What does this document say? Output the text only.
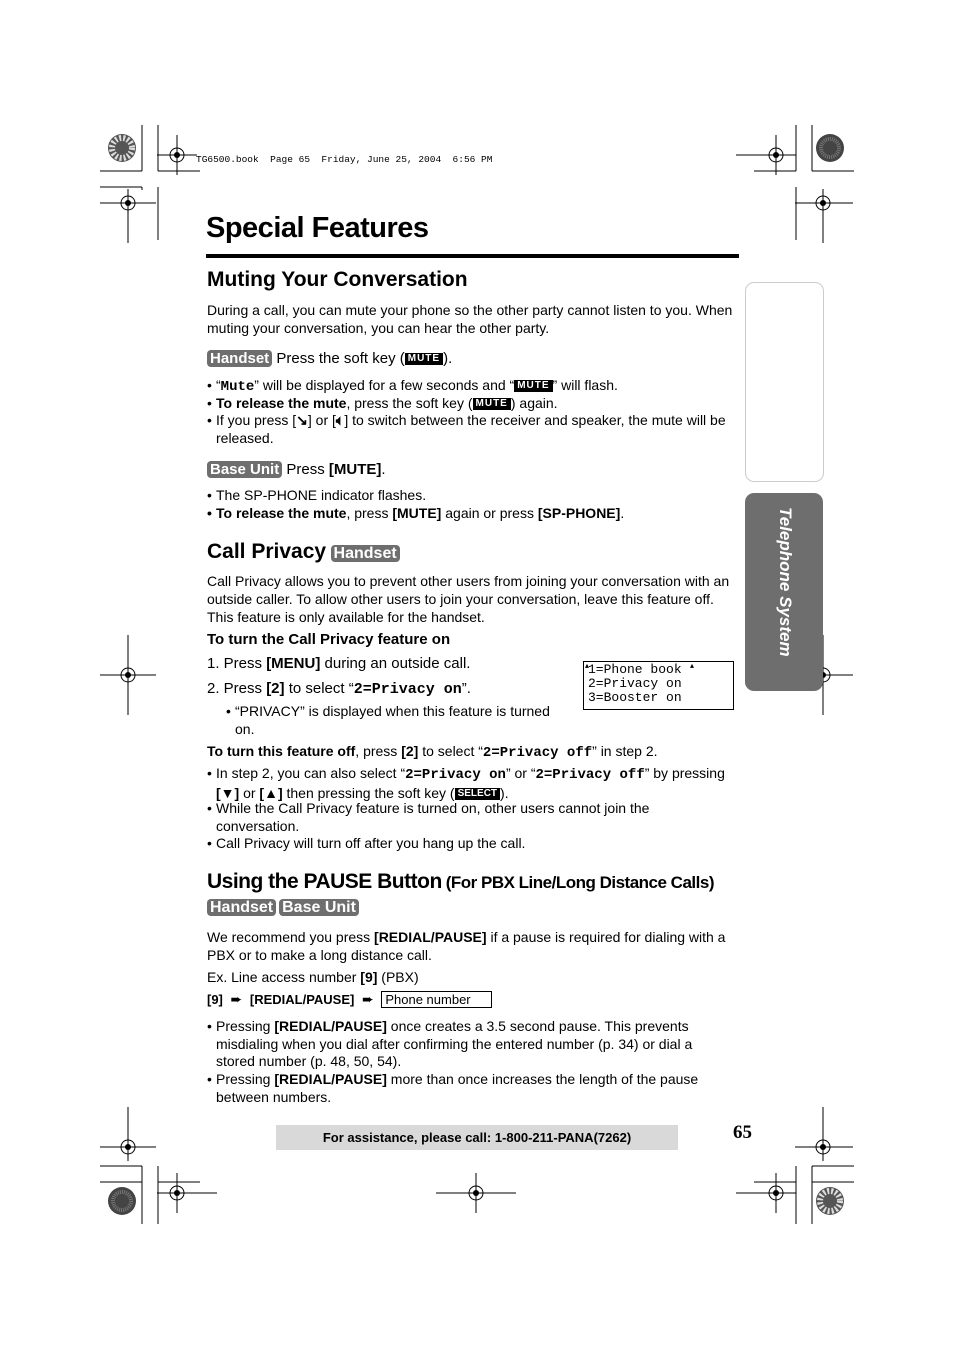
TG6500.book  Page 65  Friday, June 25, 2004  6:56 PM
Telephone System
Special Features
Muting Your Conversation
During a call, you can mute your phone so the other party cannot listen to you. When muting your conversation, you can hear the other party.
Handset Press the soft key ( MUTE ).
• “Mute” will be displayed for a few seconds and “ MUTE ” will flash.
• To release the mute, press the soft key ( MUTE ) again.
• If you press [↘] or [🔈︎] to switch between the receiver and speaker, the mute will be released.
Base Unit Press [MUTE].
• The SP-PHONE indicator flashes.
• To release the mute, press [MUTE] again or press [SP-PHONE].
Call Privacy Handset
Call Privacy allows you to prevent other users from joining your conversation with an outside caller. To allow other users to join your conversation, leave this feature off. This feature is only available for the handset.
To turn the Call Privacy feature on
1. Press [MENU] during an outside call.
2. Press [2] to select “2=Privacy on”.
• “PRIVACY” is displayed when this feature is turned on.
1=Phone book
2=Privacy on
3=Booster on
▴	▴
To turn this feature off, press [2] to select “2=Privacy off” in step 2.
• In step 2, you can also select “2=Privacy on” or “2=Privacy off” by pressing
[▼] or [▲] then pressing the soft key ( SELECT ).
• While the Call Privacy feature is turned on, other users cannot join the conversation.
• Call Privacy will turn off after you hang up the call.
Using the PAUSE Button (For PBX Line/Long Distance Calls)
Handset Base Unit
We recommend you press [REDIAL/PAUSE] if a pause is required for dialing with a PBX or to make a long distance call.
Ex. Line access number [9] (PBX)
[9] ➨ [REDIAL/PAUSE] ➨ Phone number
• Pressing [REDIAL/PAUSE] once creates a 3.5 second pause. This prevents misdialing when you dial after confirming the entered number (p. 34) or dial a stored number (p. 48, 50, 54).
• Pressing [REDIAL/PAUSE] more than once increases the length of the pause between numbers.
For assistance, please call: 1-800-211-PANA(7262)	65
